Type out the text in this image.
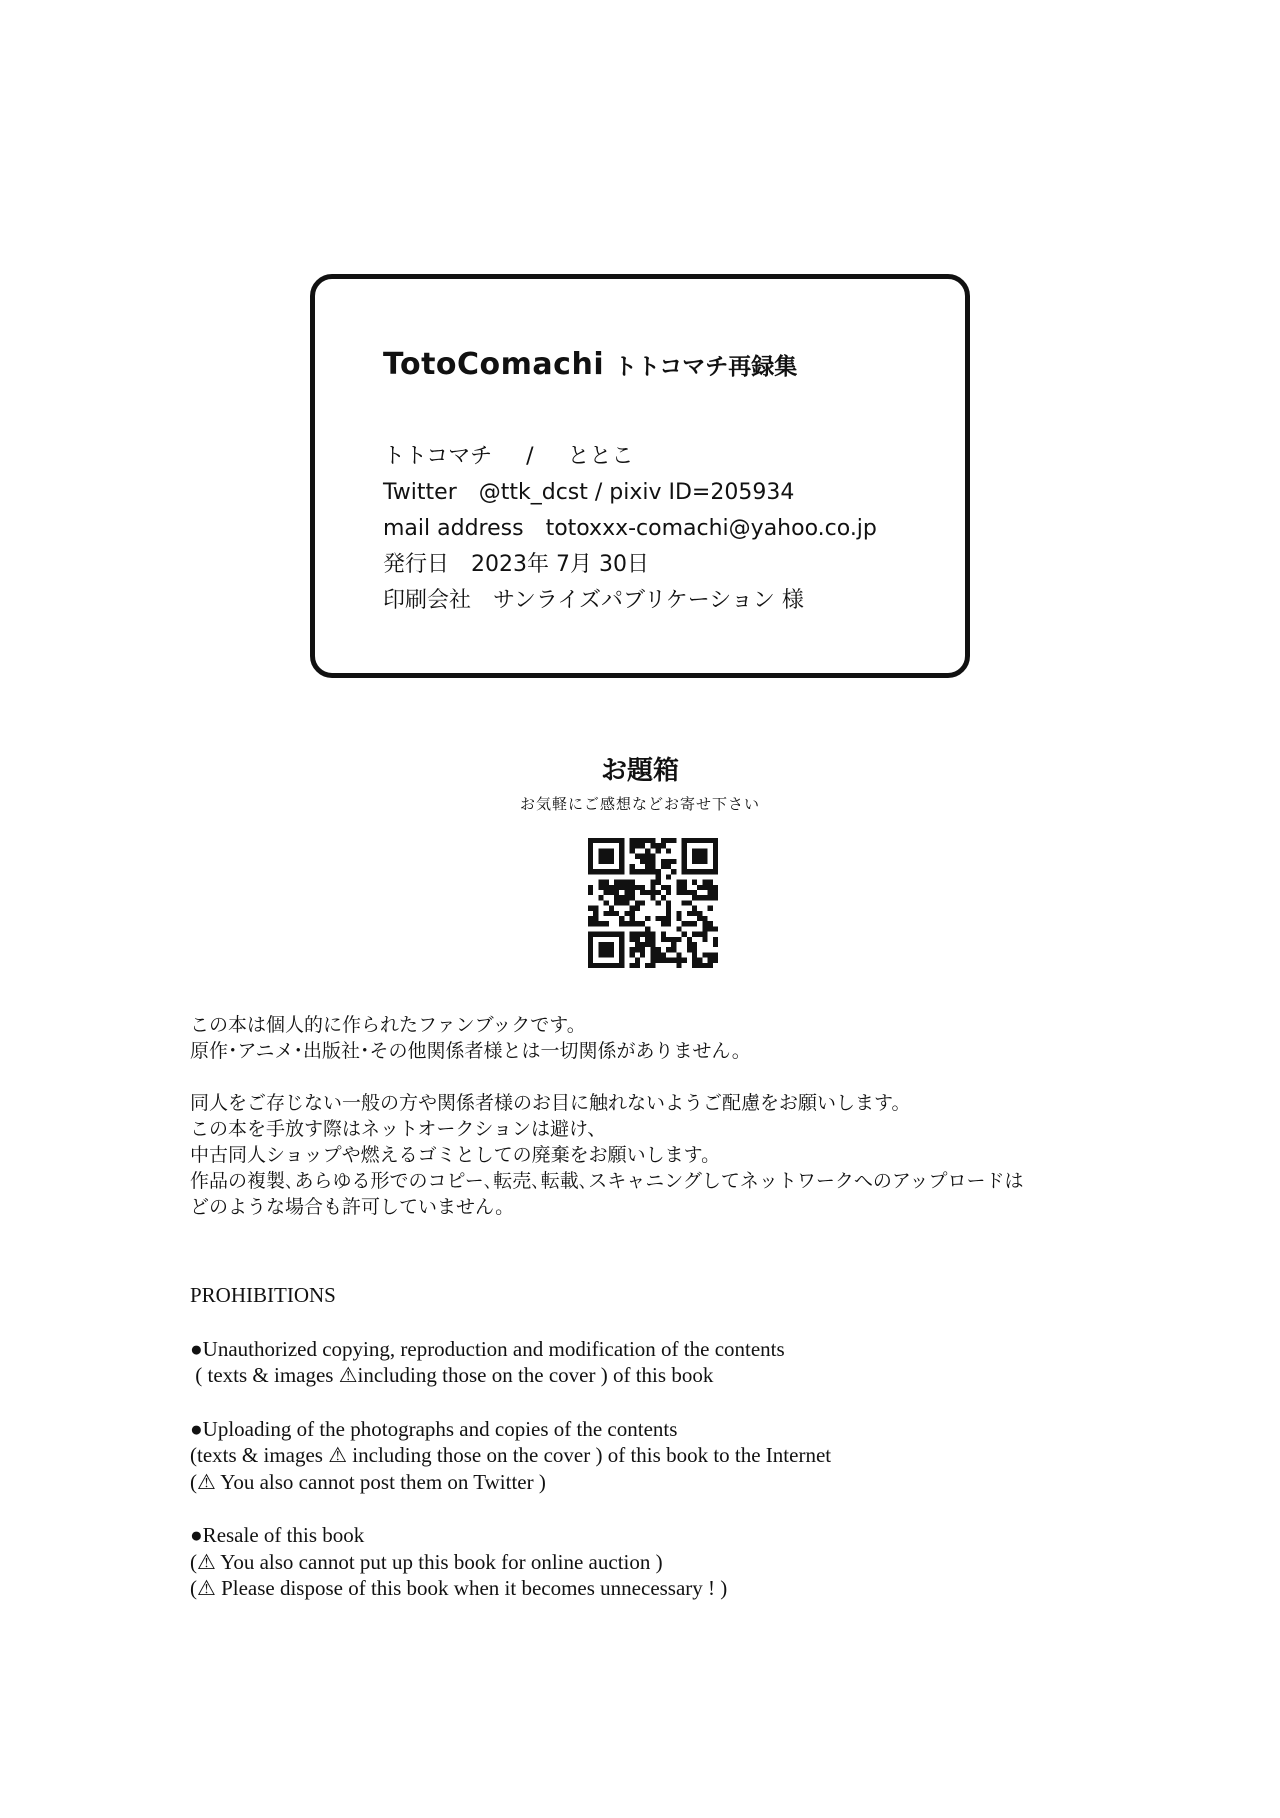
TotoComachi トトコマチ再録集
トトコマチ / ととこ
Twitter @ttk_dcst / pixiv ID=205934
mail address totoxxx-comachi@yahoo.co.jp
発行日 2023年 7月 30日
印刷会社 サンライズパブリケーション 様
お題箱
お気軽にご感想などお寄せ下さい
この本は個人的に作られたファンブックです。
原作･アニメ･出版社･その他関係者様とは一切関係がありません。
同人をご存じない一般の方や関係者様のお目に触れないようご配慮をお願いします。
この本を手放す際はネットオークションは避け、
中古同人ショップや燃えるゴミとしての廃棄をお願いします。
作品の複製､あらゆる形でのコピー､転売､転載､スキャニングしてネットワークへのアップロードは
どのような場合も許可していません。
PROHIBITIONS
●Unauthorized copying, reproduction and modification of the contents
( texts & images ⚠including those on the cover ) of this book
●Uploading of the photographs and copies of the contents
(texts & images ⚠ including those on the cover ) of this book to the Internet
(⚠ You also cannot post them on Twitter )
●Resale of this book
(⚠ You also cannot put up this book for online auction )
(⚠ Please dispose of this book when it becomes unnecessary ! )
